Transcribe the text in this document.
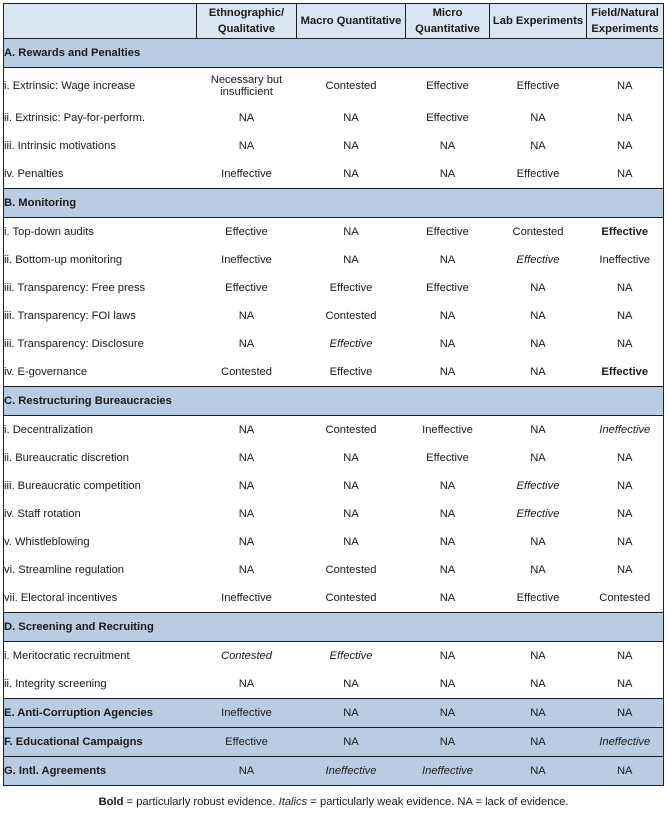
	Ethnographic/ Qualitative	Macro Quantitative	Micro Quantitative	Lab Experiments	Field/Natural Experiments
A. Rewards and Penalties					
i. Extrinsic: Wage increase	Necessary but insufficient	Contested	Effective	Effective	NA
ii. Extrinsic: Pay-for-perform.	NA	NA	Effective	NA	NA
iii. Intrinsic motivations	NA	NA	NA	NA	NA
iv. Penalties	Ineffective	NA	NA	Effective	NA
B. Monitoring					
i. Top-down audits	Effective	NA	Effective	Contested	Effective
ii. Bottom-up monitoring	Ineffective	NA	NA	Effective	Ineffective
iii. Transparency: Free press	Effective	Effective	Effective	NA	NA
iii. Transparency: FOI laws	NA	Contested	NA	NA	NA
iii. Transparency: Disclosure	NA	Effective	NA	NA	NA
iv. E-governance	Contested	Effective	NA	NA	Effective
C. Restructuring Bureaucracies					
i. Decentralization	NA	Contested	Ineffective	NA	Ineffective
ii. Bureaucratic discretion	NA	NA	Effective	NA	NA
iii. Bureaucratic competition	NA	NA	NA	Effective	NA
iv. Staff rotation	NA	NA	NA	Effective	NA
v. Whistleblowing	NA	NA	NA	NA	NA
vi. Streamline regulation	NA	Contested	NA	NA	NA
vii. Electoral incentives	Ineffective	Contested	NA	Effective	Contested
D. Screening and Recruiting					
i. Meritocratic recruitment	Contested	Effective	NA	NA	NA
ii. Integrity screening	NA	NA	NA	NA	NA
E. Anti-Corruption Agencies	Ineffective	NA	NA	NA	NA
F. Educational Campaigns	Effective	NA	NA	NA	Ineffective
G. Intl. Agreements	NA	Ineffective	Ineffective	NA	NA
Bold = particularly robust evidence. Italics = particularly weak evidence. NA = lack of evidence.
